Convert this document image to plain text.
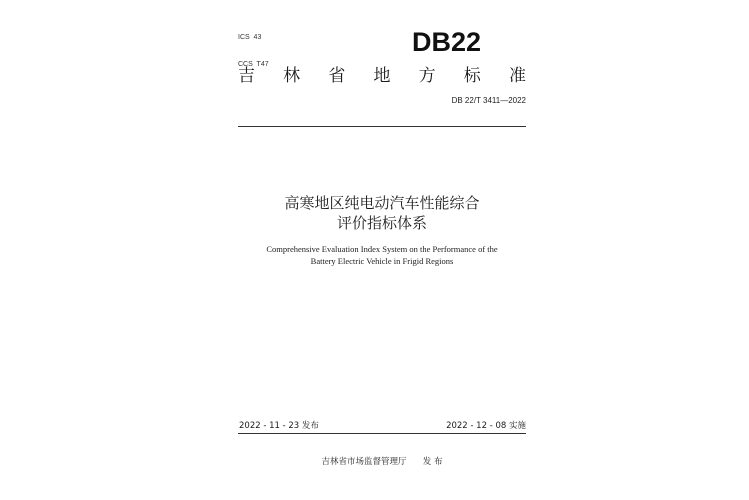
ICS  43

CCS  T47

DB22
吉 林 省 地 方 标 准
DB 22/T 3411—2022
高寒地区纯电动汽车性能综合
评价指标体系
Comprehensive Evaluation Index System on the Performance of the
Battery Electric Vehicle in Frigid Regions
2022 - 11 - 23 发布	2022 - 12 - 08 实施
吉林省市场监督管理厅      发 布
